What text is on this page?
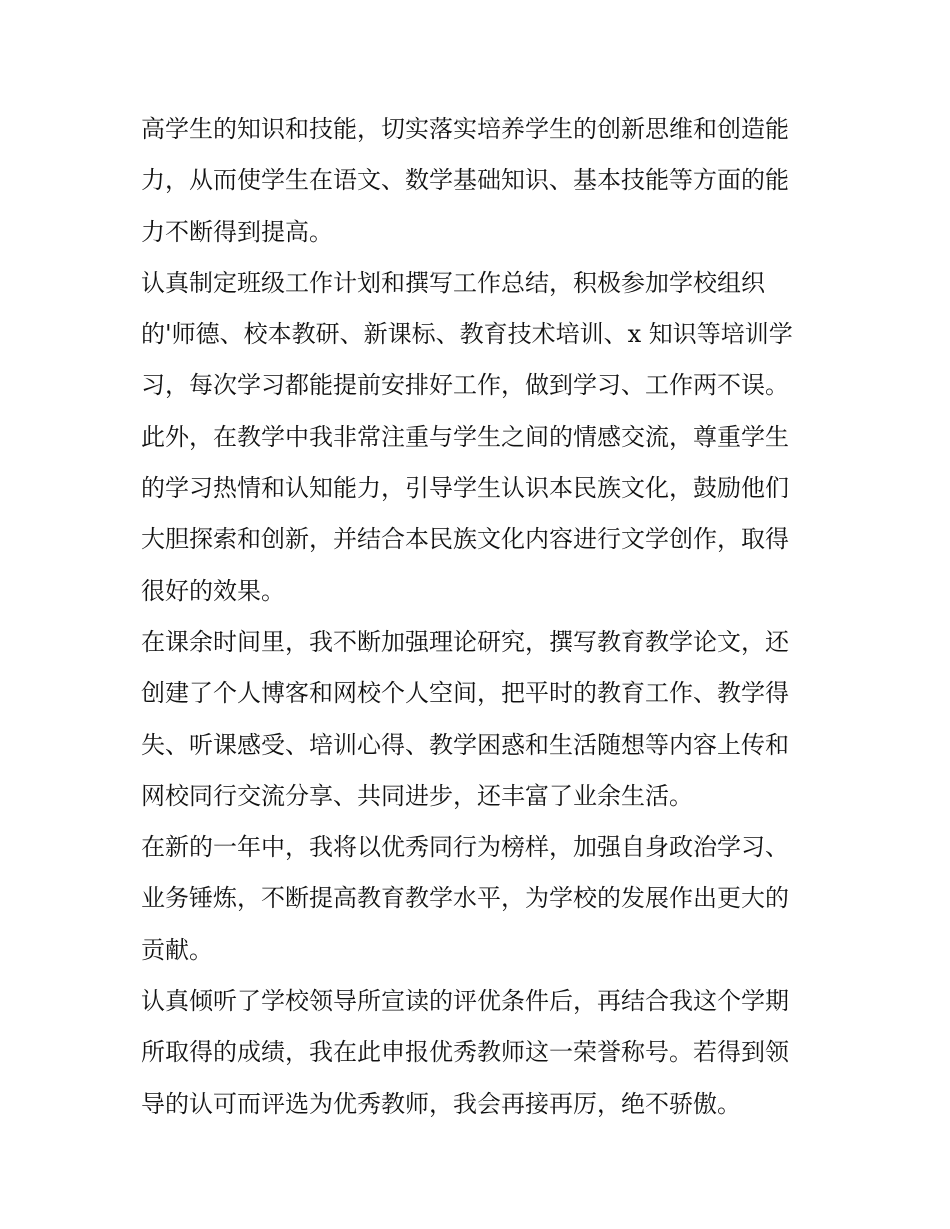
高学生的知识和技能，切实落实培养学生的创新思维和创造能
力，从而使学生在语文、数学基础知识、基本技能等方面的能
力不断得到提高。

认真制定班级工作计划和撰写工作总结，积极参加学校组织
的'师德、校本教研、新课标、教育技术培训、x 知识等培训学
习，每次学习都能提前安排好工作，做到学习、工作两不误。

此外，在教学中我非常注重与学生之间的情感交流，尊重学生
的学习热情和认知能力，引导学生认识本民族文化，鼓励他们
大胆探索和创新，并结合本民族文化内容进行文学创作，取得
很好的效果。

在课余时间里，我不断加强理论研究，撰写教育教学论文，还
创建了个人博客和网校个人空间，把平时的教育工作、教学得
失、听课感受、培训心得、教学困惑和生活随想等内容上传和
网校同行交流分享、共同进步，还丰富了业余生活。

在新的一年中，我将以优秀同行为榜样，加强自身政治学习、
业务锤炼，不断提高教育教学水平，为学校的发展作出更大的
贡献。

认真倾听了学校领导所宣读的评优条件后，再结合我这个学期
所取得的成绩，我在此申报优秀教师这一荣誉称号。若得到领
导的认可而评选为优秀教师，我会再接再厉，绝不骄傲。
